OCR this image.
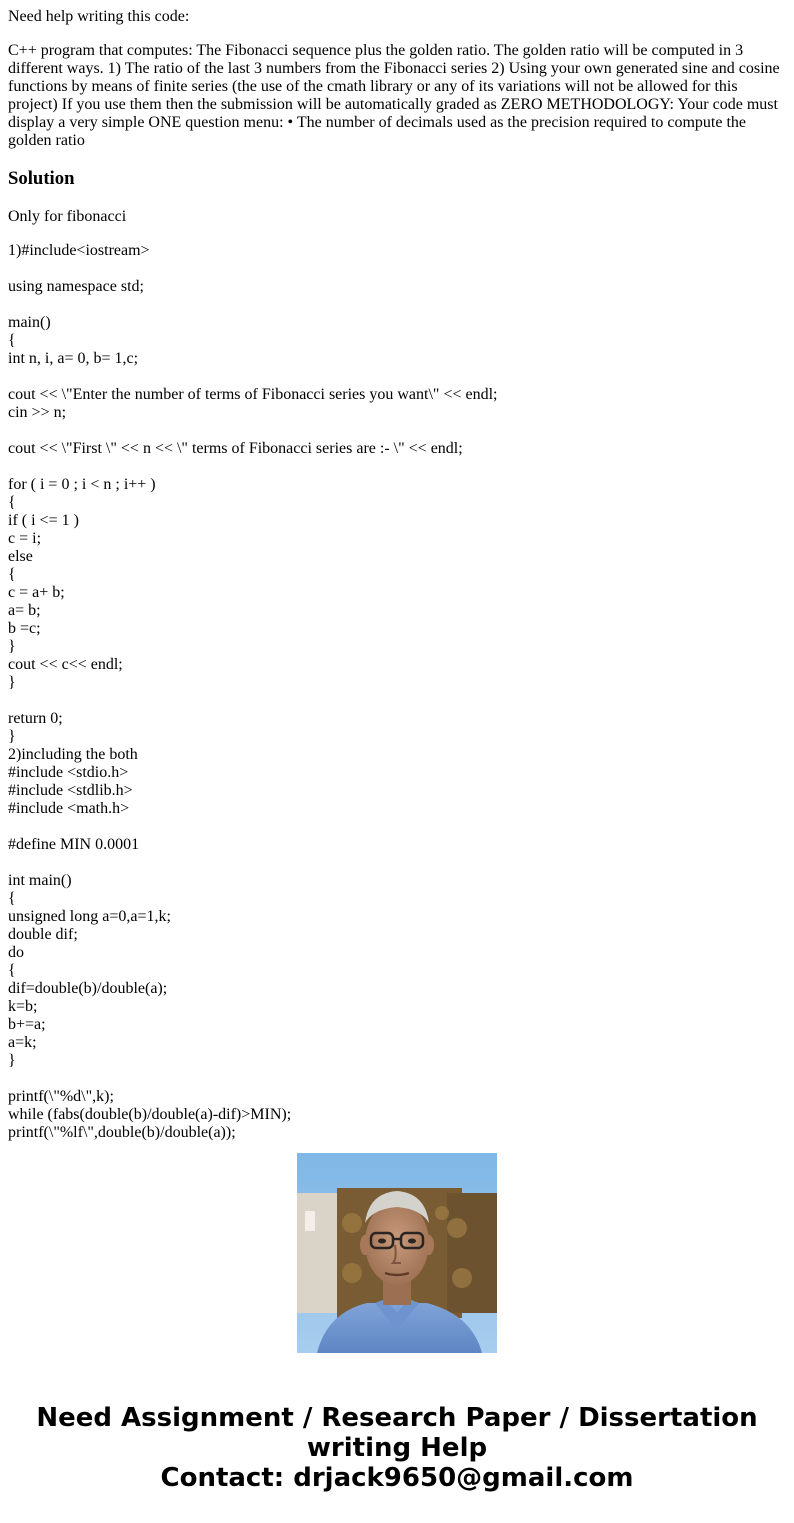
Need help writing this code:

C++ program that computes: The Fibonacci sequence plus the golden ratio. The golden ratio will be computed in 3 different ways. 1) The ratio of the last 3 numbers from the Fibonacci series 2) Using your own generated sine and cosine functions by means of finite series (the use of the cmath library or any of its variations will not be allowed for this project) If you use them then the submission will be automatically graded as ZERO METHODOLOGY: Your code must display a very simple ONE question menu: • The number of decimals used as the precision required to compute the golden ratio

Solution

Only for fibonacci

1)#include<iostream>
using namespace std;
main()
{
int n, i, a= 0, b= 1,c;
cout << \"Enter the number of terms of Fibonacci series you want\" << endl;
cin >> n;
cout << \"First \" << n << \" terms of Fibonacci series are :- \" << endl;
for ( i = 0 ; i < n ; i++ )
{
if ( i <= 1 )
c = i;
else
{
c = a+ b;
a= b;
b =c;
}
cout << c<< endl;
}
return 0;
}
2)including the both
#include <stdio.h>
#include <stdlib.h>
#include <math.h>
#define MIN 0.0001
int main()
{
unsigned long a=0,a=1,k;
double dif;
do
{
dif=double(b)/double(a);
k=b;
b+=a;
a=k;
}
printf(\"%d\",k);
while (fabs(double(b)/double(a)-dif)>MIN);
printf(\"%lf\",double(b)/double(a));
Need Assignment / Research Paper / Dissertation
writing Help
Contact: drjack9650@gmail.com
